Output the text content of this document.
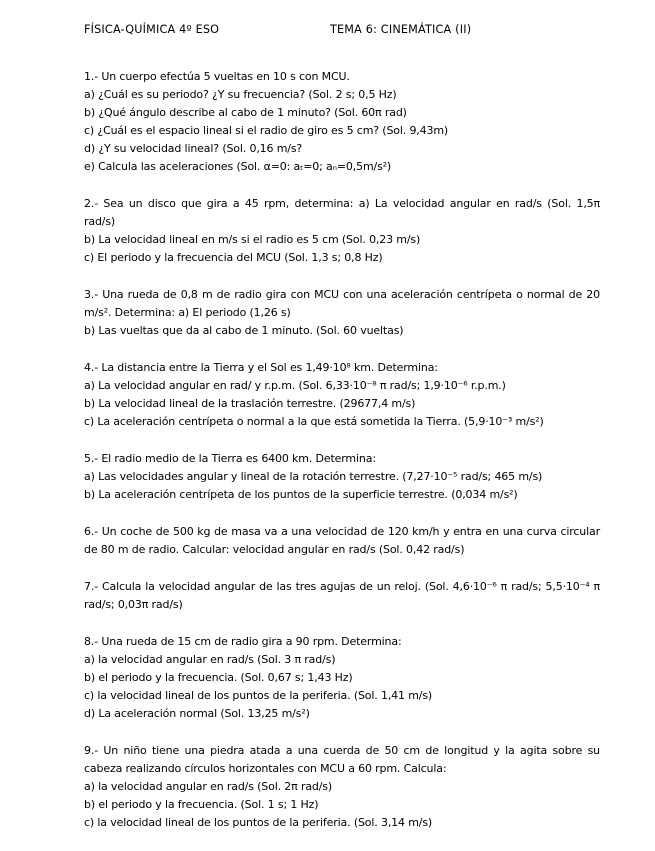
FÍSICA-QUÍMICA 4º ESO	TEMA 6: CINEMÁTICA (II)
1.- Un cuerpo efectúa 5 vueltas en 10 s con MCU.
a) ¿Cuál es su periodo? ¿Y su frecuencia? (Sol. 2 s; 0,5 Hz)
b) ¿Qué ángulo describe al cabo de 1 minuto? (Sol. 60π rad)
c) ¿Cuál es el espacio lineal si el radio de giro es 5 cm? (Sol. 9,43m)
d) ¿Y su velocidad lineal? (Sol. 0,16 m/s?
e) Calcula las aceleraciones (Sol. α=0: aₜ=0; aₙ=0,5m/s²)
2.- Sea un disco que gira a 45 rpm, determina: a) La velocidad angular en rad/s (Sol. 1,5π
rad/s)
b) La velocidad lineal en m/s si el radio es 5 cm (Sol. 0,23 m/s)
c) El periodo y la frecuencia del MCU (Sol. 1,3 s; 0,8 Hz)
3.- Una rueda de 0,8 m de radio gira con MCU con una aceleración centrípeta o normal de 20
m/s². Determina: a) El periodo (1,26 s)
b) Las vueltas que da al cabo de 1 minuto. (Sol. 60 vueltas)
4.- La distancia entre la Tierra y el Sol es 1,49·10⁸ km. Determina:
a) La velocidad angular en rad/ y r.p.m. (Sol. 6,33·10⁻⁸ π rad/s; 1,9·10⁻⁶ r.p.m.)
b) La velocidad lineal de la traslación terrestre. (29677,4 m/s)
c) La aceleración centrípeta o normal a la que está sometida la Tierra. (5,9·10⁻³ m/s²)
5.- El radio medio de la Tierra es 6400 km. Determina:
a) Las velocidades angular y lineal de la rotación terrestre. (7,27·10⁻⁵ rad/s; 465 m/s)
b) La aceleración centrípeta de los puntos de la superficie terrestre. (0,034 m/s²)
6.- Un coche de 500 kg de masa va a una velocidad de 120 km/h y entra en una curva circular
de 80 m de radio. Calcular: velocidad angular en rad/s (Sol. 0,42 rad/s)
7.- Calcula la velocidad angular de las tres agujas de un reloj. (Sol. 4,6·10⁻⁶ π rad/s; 5,5·10⁻⁴ π
rad/s; 0,03π rad/s)
8.- Una rueda de 15 cm de radio gira a 90 rpm. Determina:
a) la velocidad angular en rad/s (Sol. 3 π rad/s)
b) el periodo y la frecuencia. (Sol. 0,67 s; 1,43 Hz)
c) la velocidad lineal de los puntos de la periferia. (Sol. 1,41 m/s)
d) La aceleración normal (Sol. 13,25 m/s²)
9.- Un niño tiene una piedra atada a una cuerda de 50 cm de longitud y la agita sobre su
cabeza realizando círculos horizontales con MCU a 60 rpm. Calcula:
a) la velocidad angular en rad/s (Sol. 2π rad/s)
b) el periodo y la frecuencia. (Sol. 1 s; 1 Hz)
c) la velocidad lineal de los puntos de la periferia. (Sol. 3,14 m/s)
